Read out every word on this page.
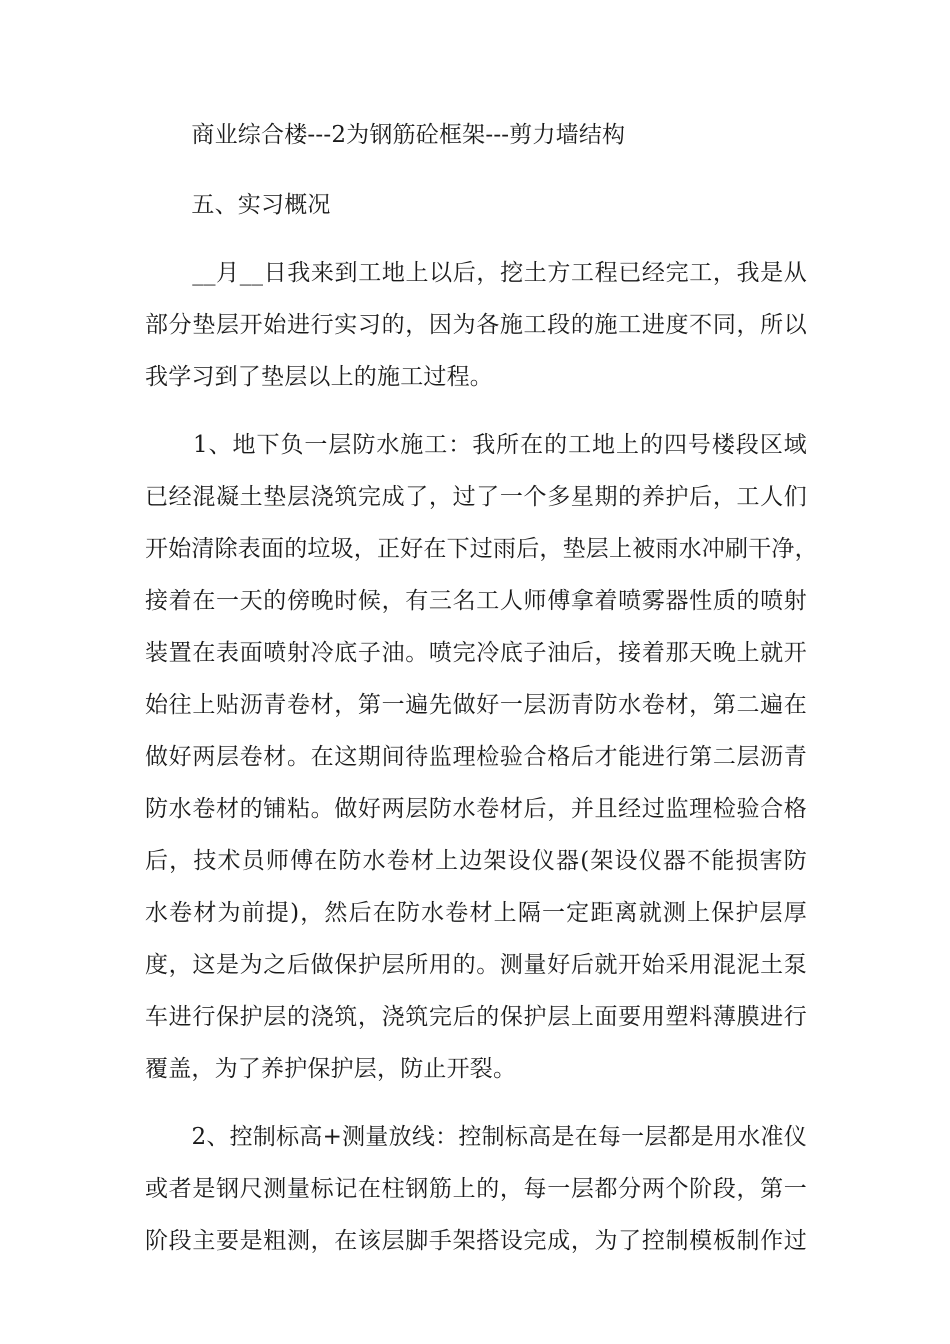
　　商业综合楼---2为钢筋砼框架---剪力墙结构
　　五、实习概况
　　__月__日我来到工地上以后，挖土方工程已经完工，我是从
部分垫层开始进行实习的，因为各施工段的施工进度不同，所以
我学习到了垫层以上的施工过程。
　　1、地下负一层防水施工：我所在的工地上的四号楼段区域
已经混凝土垫层浇筑完成了，过了一个多星期的养护后，工人们
开始清除表面的垃圾，正好在下过雨后，垫层上被雨水冲刷干净，
接着在一天的傍晚时候，有三名工人师傅拿着喷雾器性质的喷射
装置在表面喷射冷底子油。喷完冷底子油后，接着那天晚上就开
始往上贴沥青卷材，第一遍先做好一层沥青防水卷材，第二遍在
做好两层卷材。在这期间待监理检验合格后才能进行第二层沥青
防水卷材的铺粘。做好两层防水卷材后，并且经过监理检验合格
后，技术员师傅在防水卷材上边架设仪器(架设仪器不能损害防
水卷材为前提)，然后在防水卷材上隔一定距离就测上保护层厚
度，这是为之后做保护层所用的。测量好后就开始采用混泥土泵
车进行保护层的浇筑，浇筑完后的保护层上面要用塑料薄膜进行
覆盖，为了养护保护层，防止开裂。
　　2、控制标高+测量放线：控制标高是在每一层都是用水准仪
或者是钢尺测量标记在柱钢筋上的，每一层都分两个阶段，第一
阶段主要是粗测，在该层脚手架搭设完成，为了控制模板制作过
